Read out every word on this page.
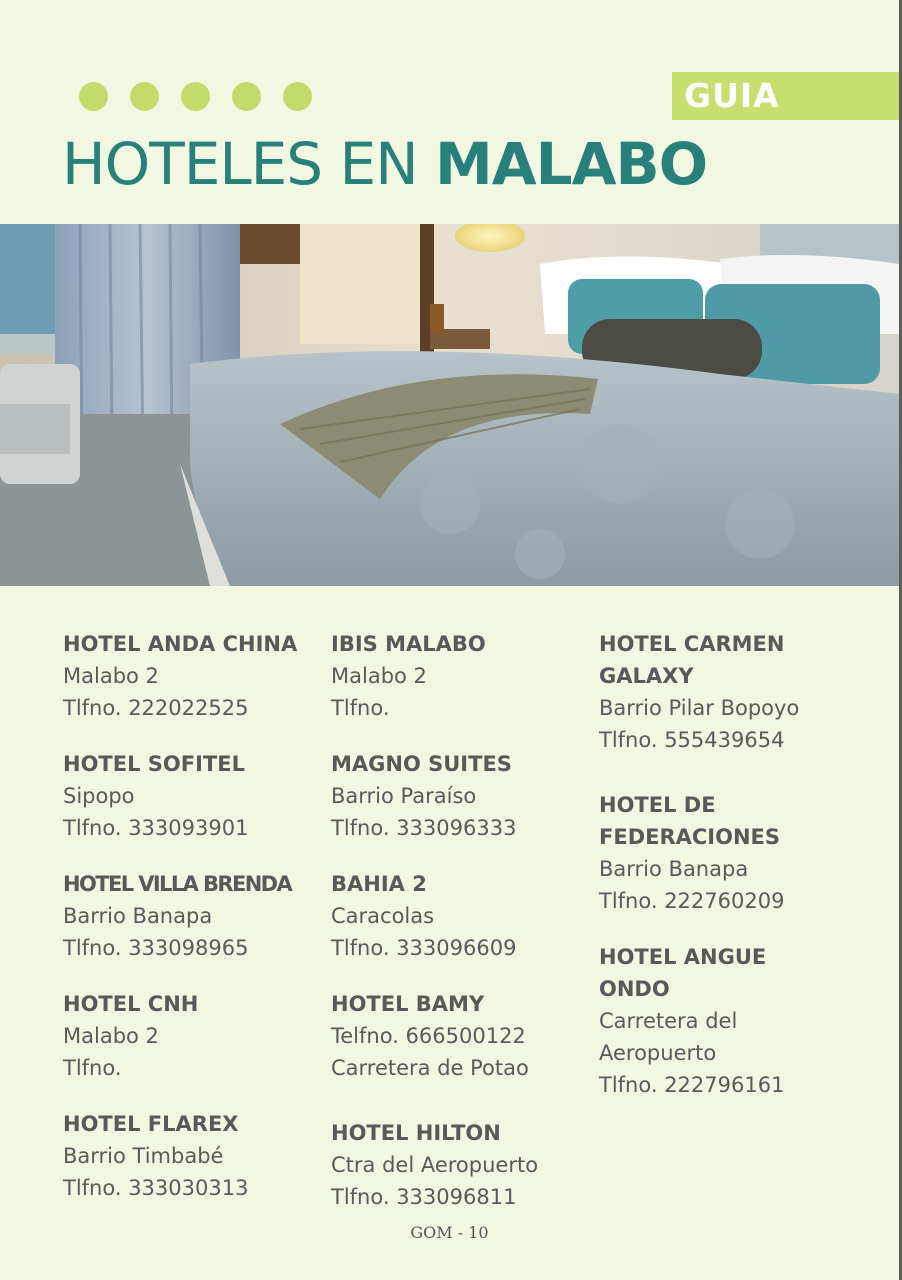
GUIA
HOTELES EN MALABO
HOTEL ANDA CHINA
Malabo 2
Tlfno. 222022525
HOTEL SOFITEL
Sipopo
Tlfno. 333093901
HOTEL VILLA BRENDA
Barrio Banapa
Tlfno. 333098965
HOTEL CNH
Malabo 2
Tlfno.
HOTEL FLAREX
Barrio Timbabé
Tlfno. 333030313
IBIS MALABO
Malabo 2
Tlfno.
MAGNO SUITES
Barrio Paraíso
Tlfno. 333096333
BAHIA 2
Caracolas
Tlfno. 333096609
HOTEL BAMY
Telfno. 666500122
Carretera de Potao
HOTEL HILTON
Ctra del Aeropuerto
Tlfno. 333096811
HOTEL CARMEN
GALAXY
Barrio Pilar Bopoyo
Tlfno. 555439654
HOTEL DE
FEDERACIONES
Barrio Banapa
Tlfno. 222760209
HOTEL ANGUE
ONDO
Carretera del
Aeropuerto
Tlfno. 222796161
GOM - 10
